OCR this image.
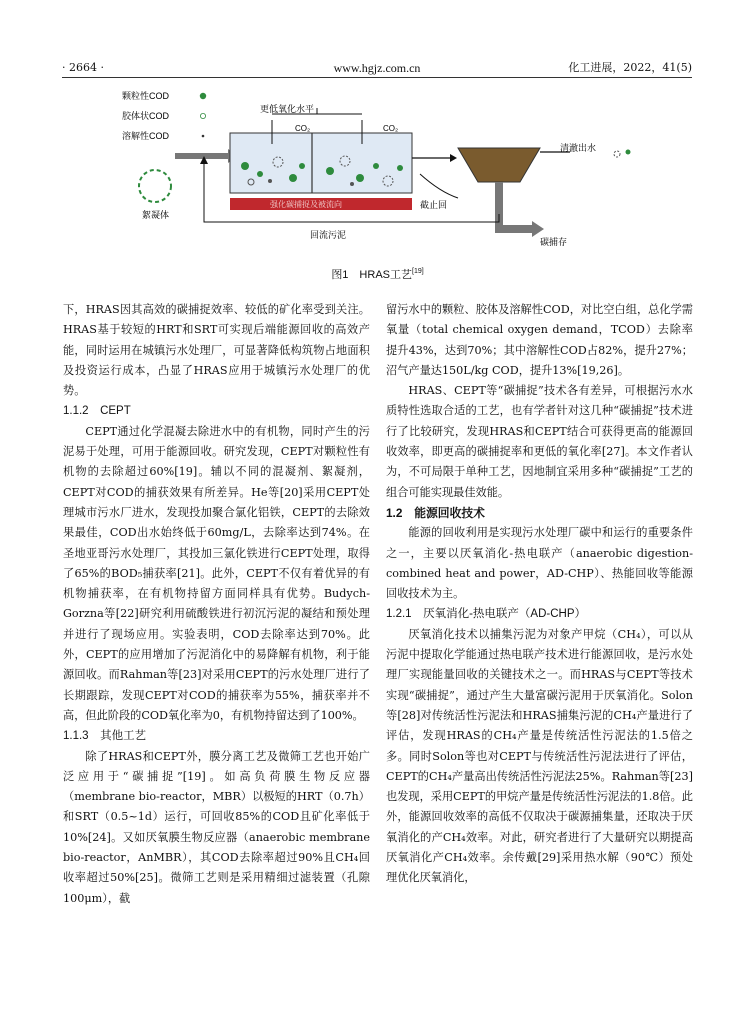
· 2664 ·	www.hgjz.com.cn	化工进展，2022，41(5)
颗粒性COD
胶体状COD
溶解性COD
絮凝体
更低氧化水平
CO₂	CO₂
清澈出水
强化碳捕捉及被流向
碳捕存
截止回
回流污泥
图1　HRAS工艺[19]

下，HRAS因其高效的碳捕捉效率、较低的矿化率受到关注。HRAS基于较短的HRT和SRT可实现后端能源回收的高效产能，同时运用在城镇污水处理厂，可显著降低构筑物占地面积及投资运行成本，凸显了HRAS应用于城镇污水处理厂的优势。

1.1.2　CEPT

CEPT通过化学混凝去除进水中的有机物，同时产生的污泥易于处理，可用于能源回收。研究发现，CEPT对颗粒性有机物的去除超过60%[19]。辅以不同的混凝剂、絮凝剂，CEPT对COD的捕获效果有所差异。He等[20]采用CEPT处理城市污水厂进水，发现投加聚合氯化铝铁，CEPT的去除效果最佳，COD出水始终低于60mg/L，去除率达到74%。在圣地亚哥污水处理厂，其投加三氯化铁进行CEPT处理，取得了65%的BOD₅捕获率[21]。此外，CEPT不仅有着优异的有机物捕获率，在有机物持留方面同样具有优势。Budych-Gorzna等[22]研究利用硫酸铁进行初沉污泥的凝结和预处理并进行了现场应用。实验表明，COD去除率达到70%。此外，CEPT的应用增加了污泥消化中的易降解有机物，利于能源回收。而Rahman等[23]对采用CEPT的污水处理厂进行了长期跟踪，发现CEPT对COD的捕获率为55%，捕获率并不高，但此阶段的COD氧化率为0，有机物持留达到了100%。

1.1.3　其他工艺

除了HRAS和CEPT外，膜分离工艺及微筛工艺也开始广泛应用于“碳捕捉”[19]。如高负荷膜生物反应器（membrane bio-reactor，MBR）以极短的HRT（0.7h）和SRT（0.5~1d）运行，可回收85%的COD且矿化率低于10%[24]。又如厌氧膜生物反应器（anaerobic membrane bio-reactor，AnMBR），其COD去除率超过90%且CH₄回收率超过50%[25]。微筛工艺则是采用精细过滤装置（孔隙100μm），截

留污水中的颗粒、胶体及溶解性COD，对比空白组，总化学需氧量（total chemical oxygen demand，TCOD）去除率提升43%，达到70%；其中溶解性COD占82%，提升27%；沼气产量达150L/kg COD，提升13%[19,26]。

HRAS、CEPT等“碳捕捉”技术各有差异，可根据污水水质特性选取合适的工艺，也有学者针对这几种“碳捕捉”技术进行了比较研究，发现HRAS和CEPT结合可获得更高的能源回收效率，即更高的碳捕捉率和更低的氧化率[27]。本文作者认为，不可局限于单种工艺，因地制宜采用多种“碳捕捉”工艺的组合可能实现最佳效能。

1.2　能源回收技术

能源的回收利用是实现污水处理厂碳中和运行的重要条件之一，主要以厌氧消化-热电联产（anaerobic digestion-combined heat and power，AD-CHP）、热能回收等能源回收技术为主。

1.2.1　厌氧消化-热电联产（AD-CHP）

厌氧消化技术以捕集污泥为对象产甲烷（CH₄），可以从污泥中提取化学能通过热电联产技术进行能源回收，是污水处理厂实现能量回收的关键技术之一。而HRAS与CEPT等技术实现“碳捕捉”，通过产生大量富碳污泥用于厌氧消化。Solon等[28]对传统活性污泥法和HRAS捕集污泥的CH₄产量进行了评估，发现HRAS的CH₄产量是传统活性污泥法的1.5倍之多。同时Solon等也对CEPT与传统活性污泥法进行了评估，CEPT的CH₄产量高出传统活性污泥法25%。Rahman等[23]也发现，采用CEPT的甲烷产量是传统活性污泥法的1.8倍。此外，能源回收效率的高低不仅取决于碳源捕集量，还取决于厌氧消化的产CH₄效率。对此，研究者进行了大量研究以期提高厌氧消化产CH₄效率。余传戴[29]采用热水解（90℃）预处理优化厌氧消化，
